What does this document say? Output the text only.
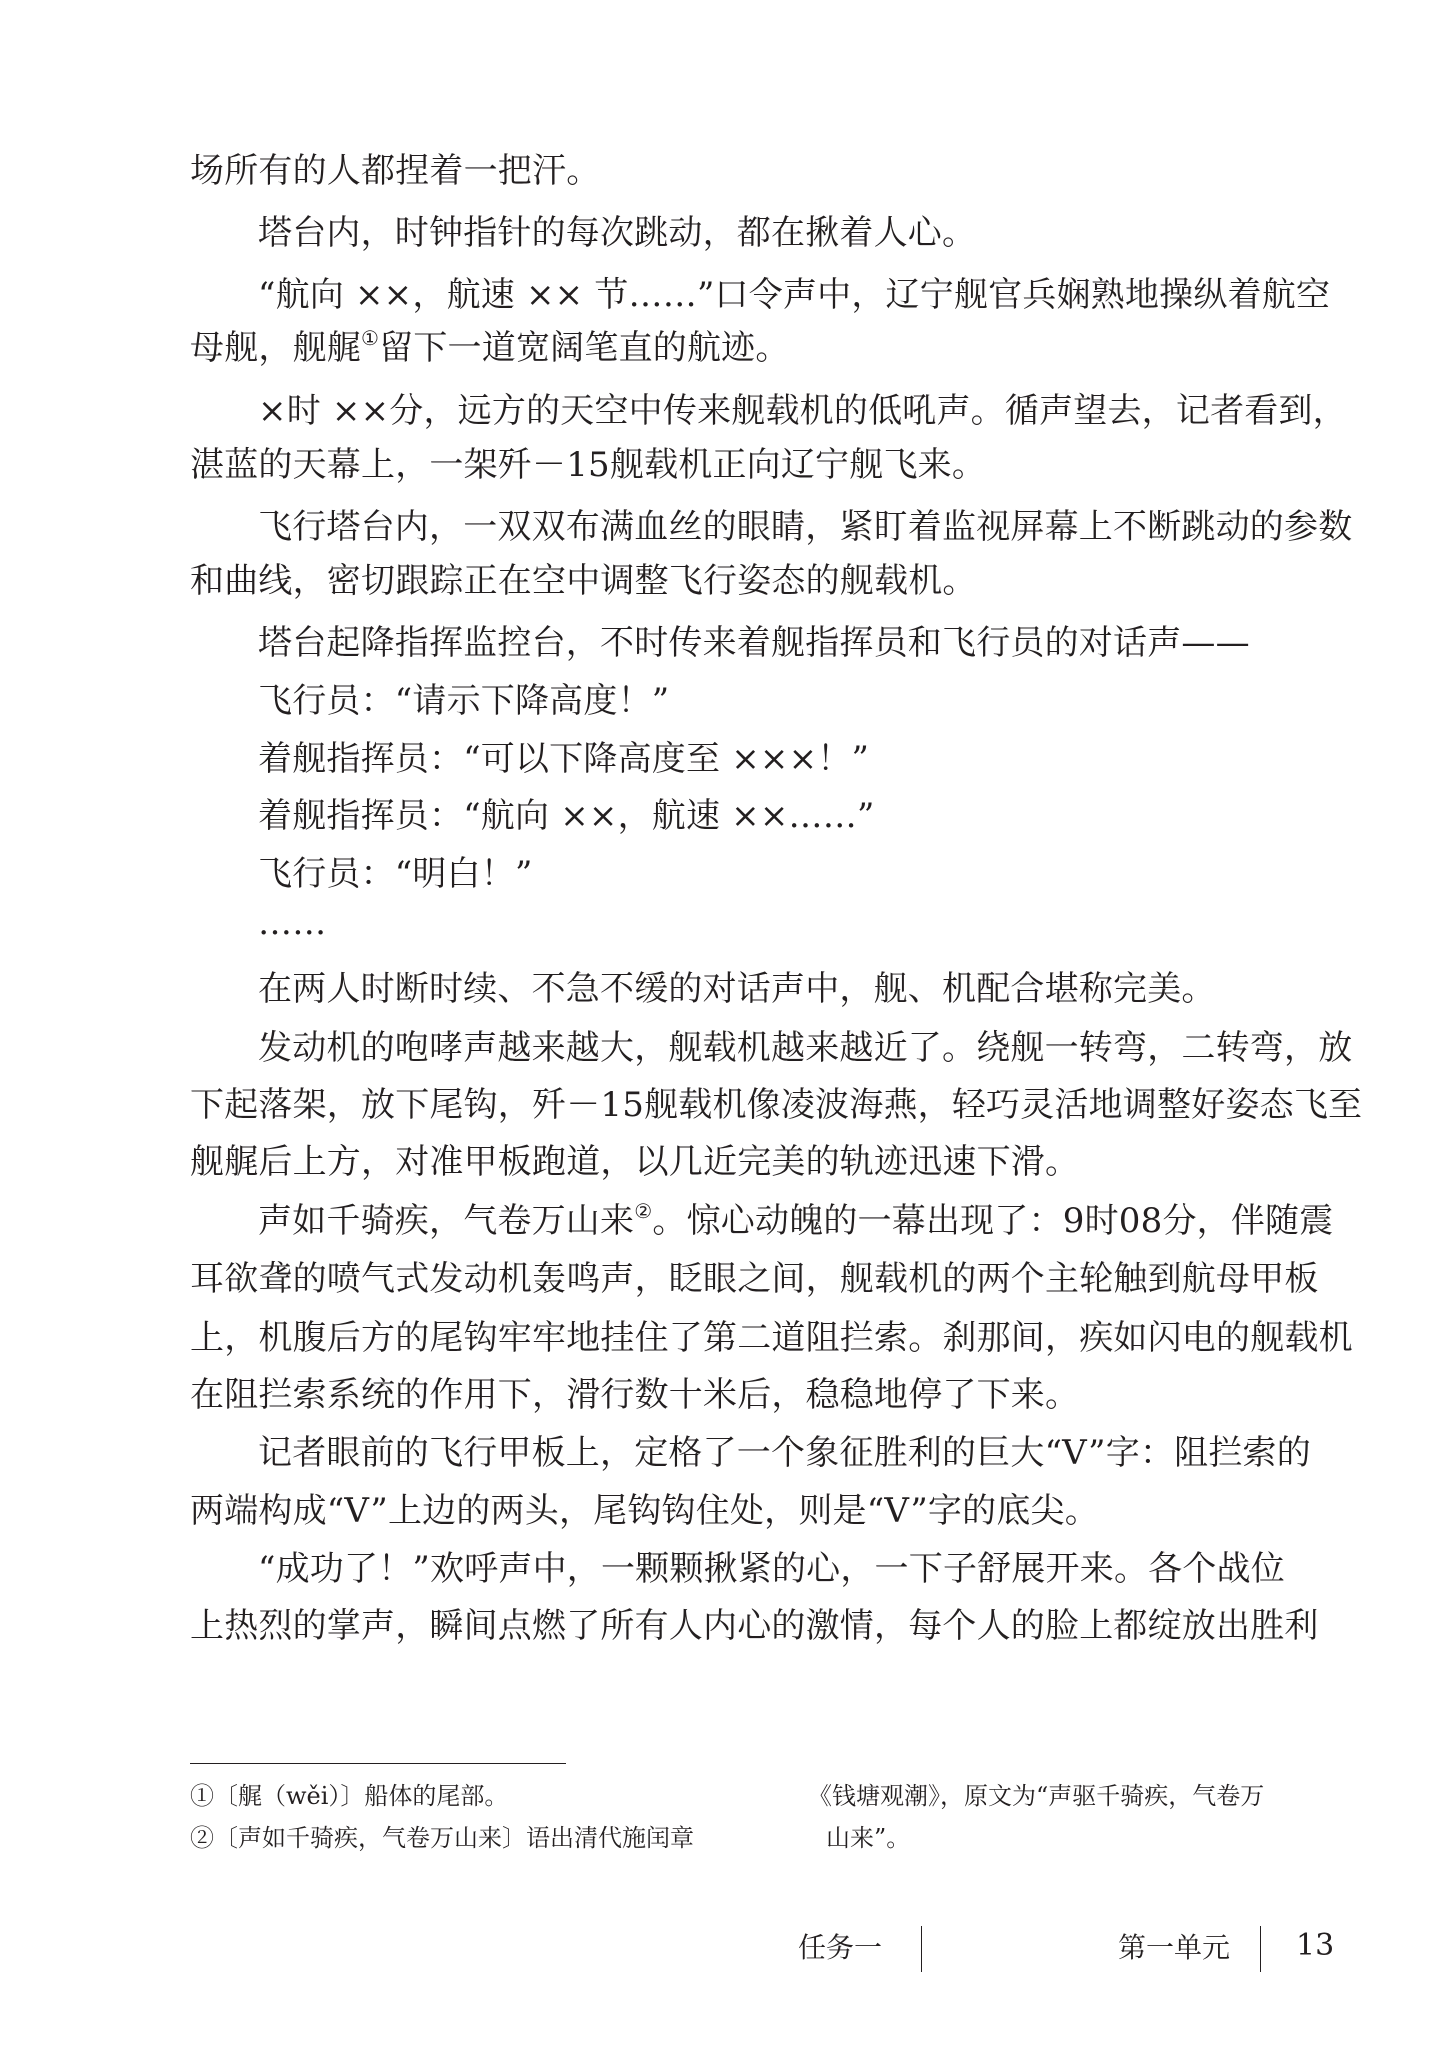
场所有的人都捏着一把汗。
塔台内，时钟指针的每次跳动，都在揪着人心。
“航向 ××，航速 ×× 节……”口令声中，辽宁舰官兵娴熟地操纵着航空
母舰，舰艉①留下一道宽阔笔直的航迹。
×时 ××分，远方的天空中传来舰载机的低吼声。循声望去，记者看到，
湛蓝的天幕上，一架歼－15舰载机正向辽宁舰飞来。
飞行塔台内，一双双布满血丝的眼睛，紧盯着监视屏幕上不断跳动的参数
和曲线，密切跟踪正在空中调整飞行姿态的舰载机。
塔台起降指挥监控台，不时传来着舰指挥员和飞行员的对话声——
飞行员：“请示下降高度！”
着舰指挥员：“可以下降高度至 ×××！”
着舰指挥员：“航向 ××，航速 ××……”
飞行员：“明白！”
……
在两人时断时续、不急不缓的对话声中，舰、机配合堪称完美。
发动机的咆哮声越来越大，舰载机越来越近了。绕舰一转弯，二转弯，放
下起落架，放下尾钩，歼－15舰载机像凌波海燕，轻巧灵活地调整好姿态飞至
舰艉后上方，对准甲板跑道，以几近完美的轨迹迅速下滑。
声如千骑疾，气卷万山来②。惊心动魄的一幕出现了：9时08分，伴随震
耳欲聋的喷气式发动机轰鸣声，眨眼之间，舰载机的两个主轮触到航母甲板
上，机腹后方的尾钩牢牢地挂住了第二道阻拦索。刹那间，疾如闪电的舰载机
在阻拦索系统的作用下，滑行数十米后，稳稳地停了下来。
记者眼前的飞行甲板上，定格了一个象征胜利的巨大“V”字：阻拦索的
两端构成“V”上边的两头，尾钩钩住处，则是“V”字的底尖。
“成功了！”欢呼声中，一颗颗揪紧的心，一下子舒展开来。各个战位
上热烈的掌声，瞬间点燃了所有人内心的激情，每个人的脸上都绽放出胜利
①〔艉（wěi）〕船体的尾部。
②〔声如千骑疾，气卷万山来〕语出清代施闰章
《钱塘观潮》，原文为“声驱千骑疾，气卷万
山来”。
任务一	第一单元 13
